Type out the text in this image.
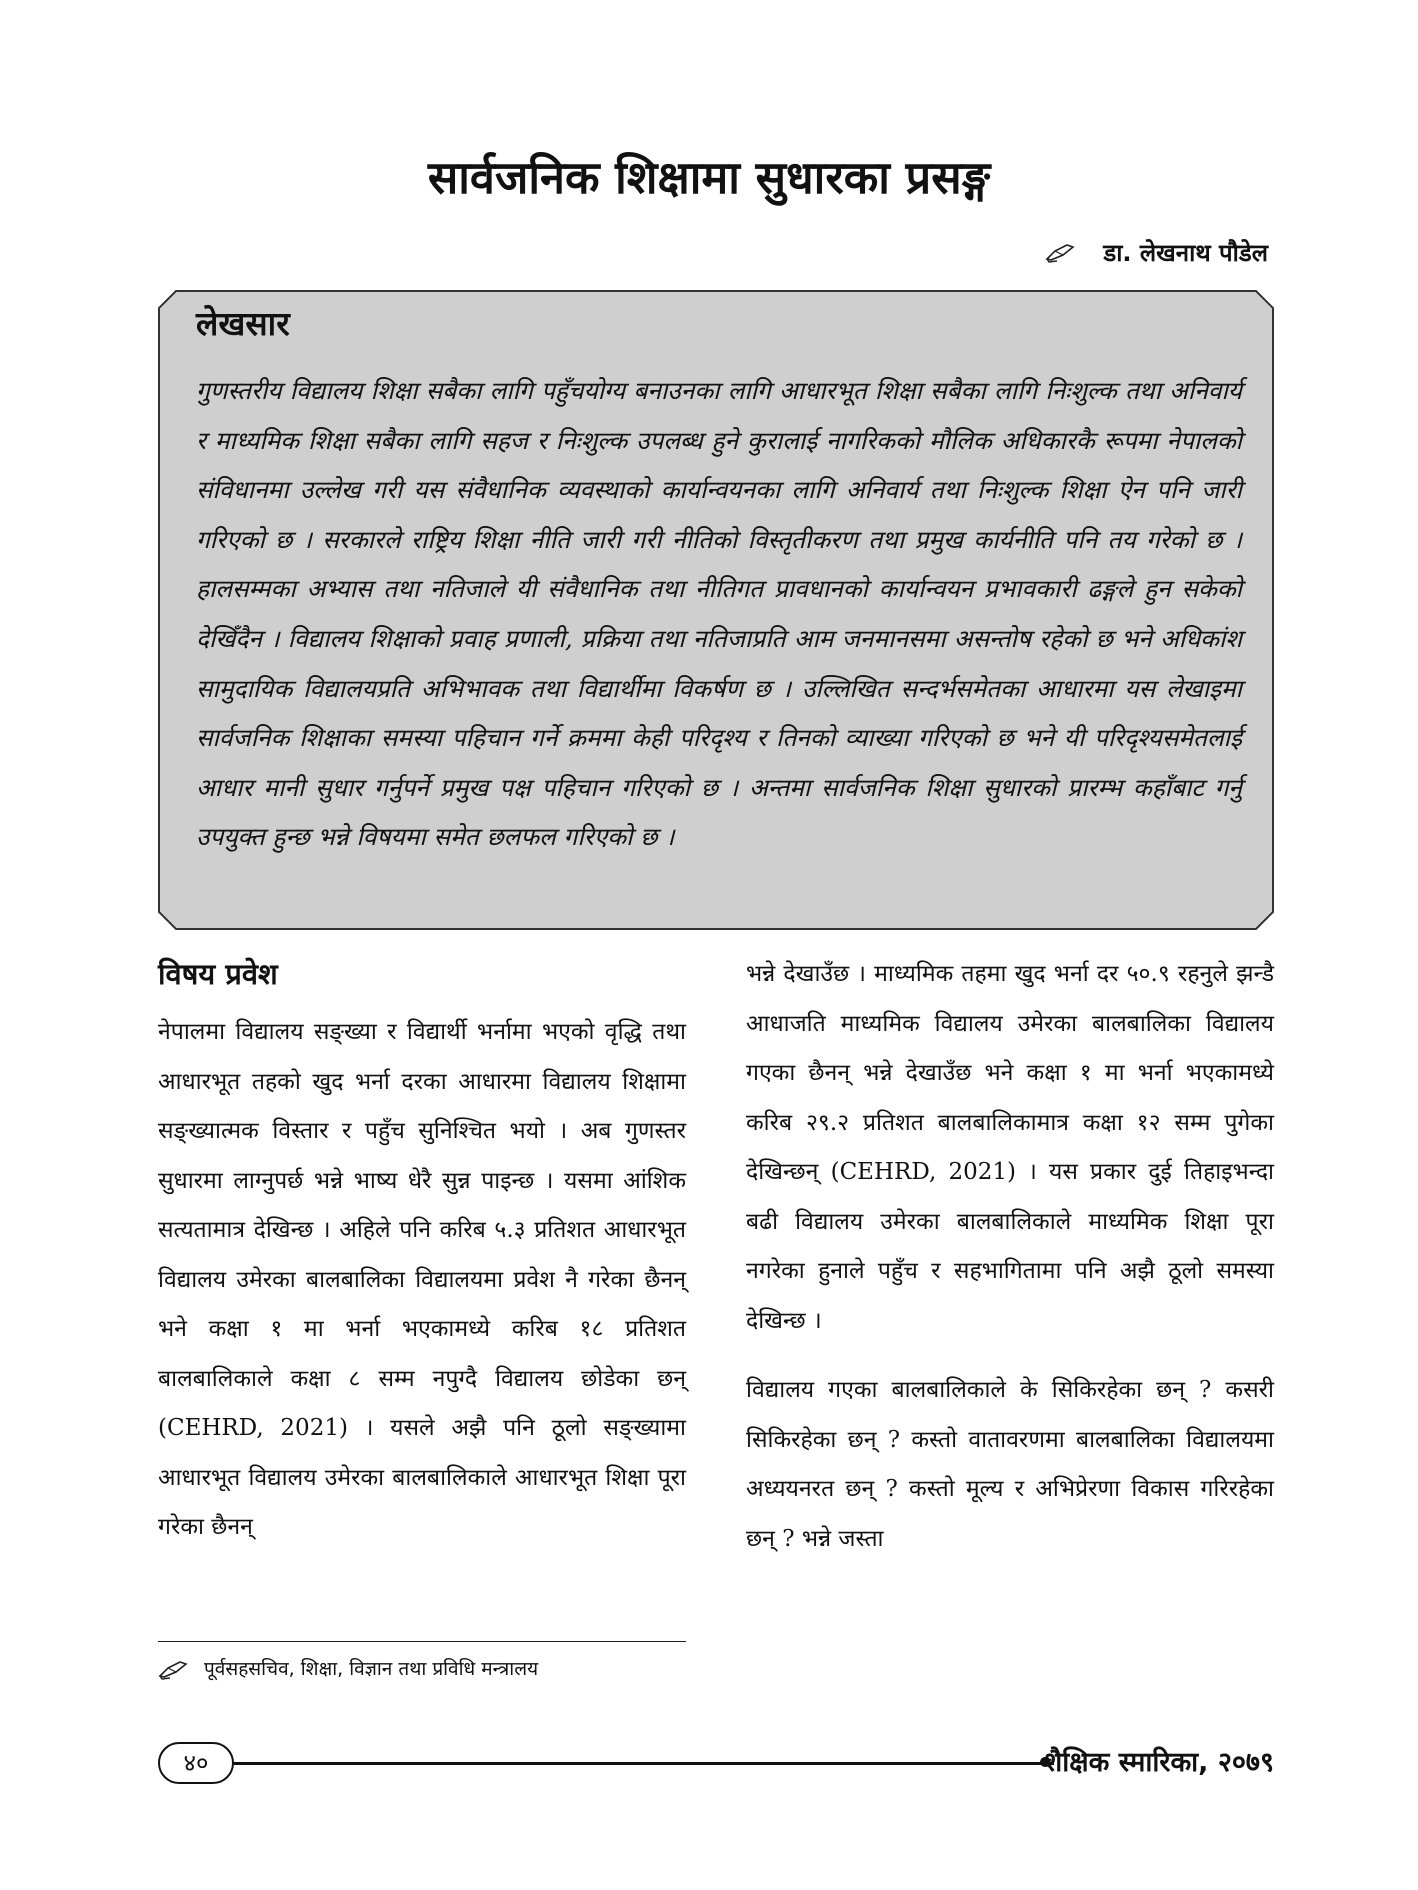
सार्वजनिक शिक्षामा सुधारका प्रसङ्ग
डा. लेखनाथ पौडेल
लेखसार
गुणस्तरीय विद्यालय शिक्षा सबैका लागि पहुँचयोग्य बनाउनका लागि आधारभूत शिक्षा सबैका लागि निःशुल्क तथा अनिवार्य र माध्यमिक शिक्षा सबैका लागि सहज र निःशुल्क उपलब्ध हुने कुरालाई नागरिकको मौलिक अधिकारकै रूपमा नेपालको संविधानमा उल्लेख गरी यस संवैधानिक व्यवस्थाको कार्यान्वयनका लागि अनिवार्य तथा निःशुल्क शिक्षा ऐन पनि जारी गरिएको छ । सरकारले राष्ट्रिय शिक्षा नीति जारी गरी नीतिको विस्तृतीकरण तथा प्रमुख कार्यनीति पनि तय गरेको छ । हालसम्मका अभ्यास तथा नतिजाले यी संवैधानिक तथा नीतिगत प्रावधानको कार्यान्वयन प्रभावकारी ढङ्गले हुन सकेको देखिँदैन । विद्यालय शिक्षाको प्रवाह प्रणाली, प्रक्रिया तथा नतिजाप्रति आम जनमानसमा असन्तोष रहेको छ भने अधिकांश सामुदायिक विद्यालयप्रति अभिभावक तथा विद्यार्थीमा विकर्षण छ । उल्लिखित सन्दर्भसमेतका आधारमा यस लेखाइमा सार्वजनिक शिक्षाका समस्या पहिचान गर्ने क्रममा केही परिदृश्य र तिनको व्याख्या गरिएको छ भने यी परिदृश्यसमेतलाई आधार मानी सुधार गर्नुपर्ने प्रमुख पक्ष पहिचान गरिएको छ । अन्तमा सार्वजनिक शिक्षा सुधारको प्रारम्भ कहाँबाट गर्नु उपयुक्त हुन्छ भन्ने विषयमा समेत छलफल गरिएको छ ।
विषय प्रवेश

नेपालमा विद्यालय सङ्ख्या र विद्यार्थी भर्नामा भएको वृद्धि तथा आधारभूत तहको खुद भर्ना दरका आधारमा विद्यालय शिक्षामा सङ्ख्यात्मक विस्तार र पहुँच सुनिश्चित भयो । अब गुणस्तर सुधारमा लाग्नुपर्छ भन्ने भाष्य धेरै सुन्न पाइन्छ । यसमा आंशिक सत्यतामात्र देखिन्छ । अहिले पनि करिब ५.३ प्रतिशत आधारभूत विद्यालय उमेरका बालबालिका विद्यालयमा प्रवेश नै गरेका छैनन् भने कक्षा १ मा भर्ना भएकामध्ये करिब १८ प्रतिशत बालबालिकाले कक्षा ८ सम्म नपुग्दै विद्यालय छोडेका छन् (CEHRD, 2021) । यसले अझै पनि ठूलो सङ्ख्यामा आधारभूत विद्यालय उमेरका बालबालिकाले आधारभूत शिक्षा पूरा गरेका छैनन्

भन्ने देखाउँछ । माध्यमिक तहमा खुद भर्ना दर ५०.९ रहनुले झन्डै आधाजति माध्यमिक विद्यालय उमेरका बालबालिका विद्यालय गएका छैनन् भन्ने देखाउँछ भने कक्षा १ मा भर्ना भएकामध्ये करिब २९.२ प्रतिशत बालबालिकामात्र कक्षा १२ सम्म पुगेका देखिन्छन् (CEHRD, 2021) । यस प्रकार दुई तिहाइभन्दा बढी विद्यालय उमेरका बालबालिकाले माध्यमिक शिक्षा पूरा नगरेका हुनाले पहुँच र सहभागितामा पनि अझै ठूलो समस्या देखिन्छ ।

विद्यालय गएका बालबालिकाले के सिकिरहेका छन् ? कसरी सिकिरहेका छन् ? कस्तो वातावरणमा बालबालिका विद्यालयमा अध्ययनरत छन् ? कस्तो मूल्य र अभिप्रेरणा विकास गरिरहेका छन् ? भन्ने जस्ता

पूर्वसहसचिव, शिक्षा, विज्ञान तथा प्रविधि मन्त्रालय
४०	शैक्षिक स्मारिका, २०७९
